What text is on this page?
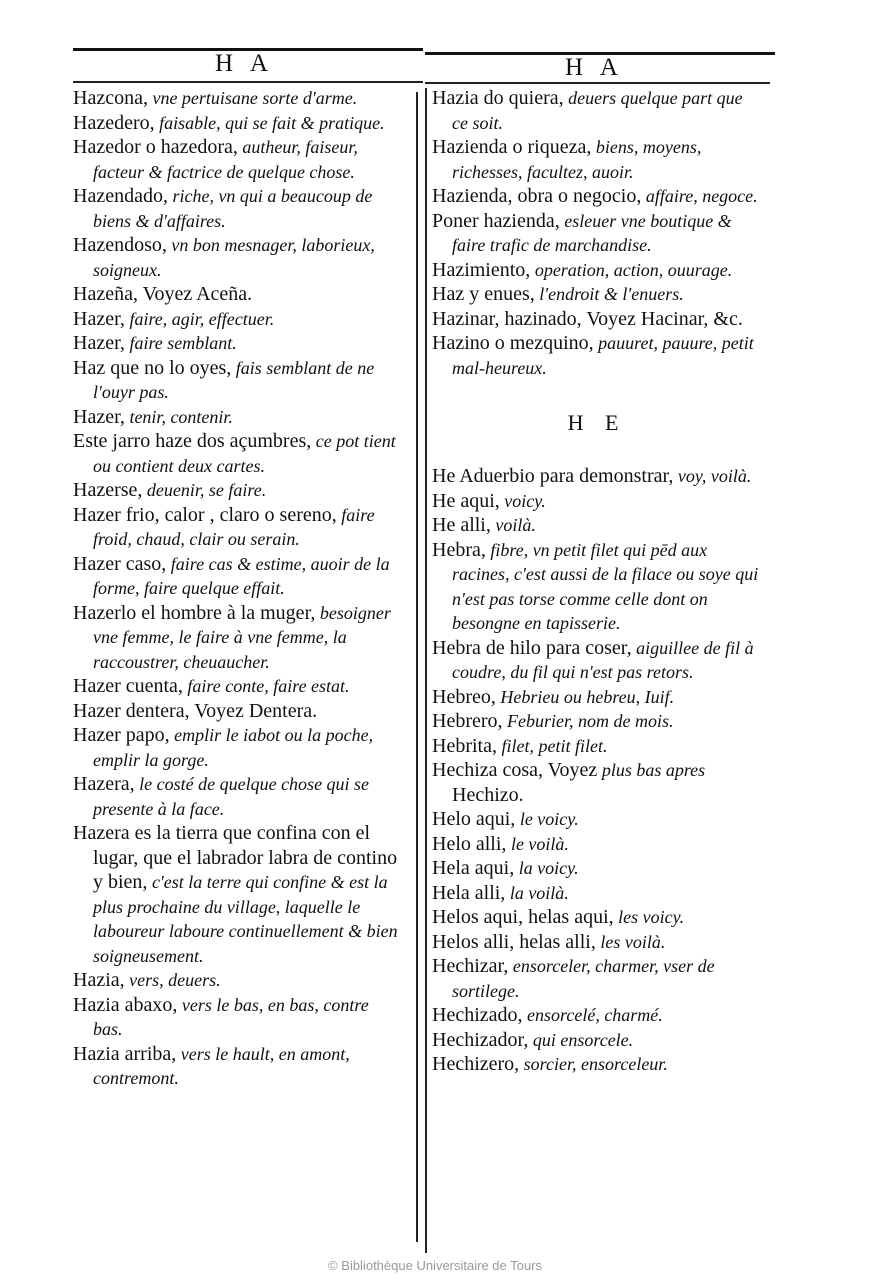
H A	H A

Hazcona, vne pertuisane sorte d'arme.

Hazedero, faisable, qui se fait & pratique.

Hazedor o hazedora, autheur, faiseur, facteur & factrice de quelque chose.

Hazendado, riche, vn qui a beaucoup de biens & d'affaires.

Hazendoso, vn bon mesnager, laborieux, soigneux.

Hazeña, Voyez Aceña.

Hazer, faire, agir, effectuer.

Hazer, faire semblant.

Haz que no lo oyes, fais semblant de ne l'ouyr pas.

Hazer, tenir, contenir.

Este jarro haze dos açumbres, ce pot tient ou contient deux cartes.

Hazerse, deuenir, se faire.

Hazer frio, calor , claro o sereno, faire froid, chaud, clair ou serain.

Hazer caso, faire cas & estime, auoir de la forme, faire quelque effait.

Hazerlo el hombre à la muger, besoigner vne femme, le faire à vne femme, la raccoustrer, cheuaucher.

Hazer cuenta, faire conte, faire estat.

Hazer dentera, Voyez Dentera.

Hazer papo, emplir le iabot ou la poche, emplir la gorge.

Hazera, le costé de quelque chose qui se presente à la face.

Hazera es la tierra que confina con el lugar, que el labrador labra de contino y bien, c'est la terre qui confine & est la plus prochaine du village, laquelle le laboureur laboure continuellement & bien soigneusement.

Hazia, vers, deuers.

Hazia abaxo, vers le bas, en bas, contre bas.

Hazia arriba, vers le hault, en amont, contremont.

Hazia do quiera, deuers quelque part que ce soit.

Hazienda o riqueza, biens, moyens, richesses, facultez, auoir.

Hazienda, obra o negocio, affaire, negoce.

Poner hazienda, esleuer vne boutique & faire trafic de marchandise.

Hazimiento, operation, action, ouurage.

Haz y enues, l'endroit & l'enuers.

Hazinar, hazinado, Voyez Hacinar, &c.

Hazino o mezquino, pauuret, pauure, petit mal-heureux.

H E

He Aduerbio para demonstrar, voy, voilà.

He aqui, voicy.

He alli, voilà.

Hebra, fibre, vn petit filet qui pēd aux racines, c'est aussi de la filace ou soye qui n'est pas torse comme celle dont on besongne en tapisserie.

Hebra de hilo para coser, aiguillee de fil à coudre, du fil qui n'est pas retors.

Hebreo, Hebrieu ou hebreu, Iuif.

Hebrero, Feburier, nom de mois.

Hebrita, filet, petit filet.

Hechiza cosa, Voyez plus bas apres Hechizo.

Helo aqui, le voicy.

Helo alli, le voilà.

Hela aqui, la voicy.

Hela alli, la voilà.

Helos aqui, helas aqui, les voicy.

Helos alli, helas alli, les voilà.

Hechizar, ensorceler, charmer, vser de sortilege.

Hechizado, ensorcelé, charmé.

Hechizador, qui ensorcele.

Hechizero, sorcier, ensorceleur.

© Bibliothèque Universitaire de Tours
